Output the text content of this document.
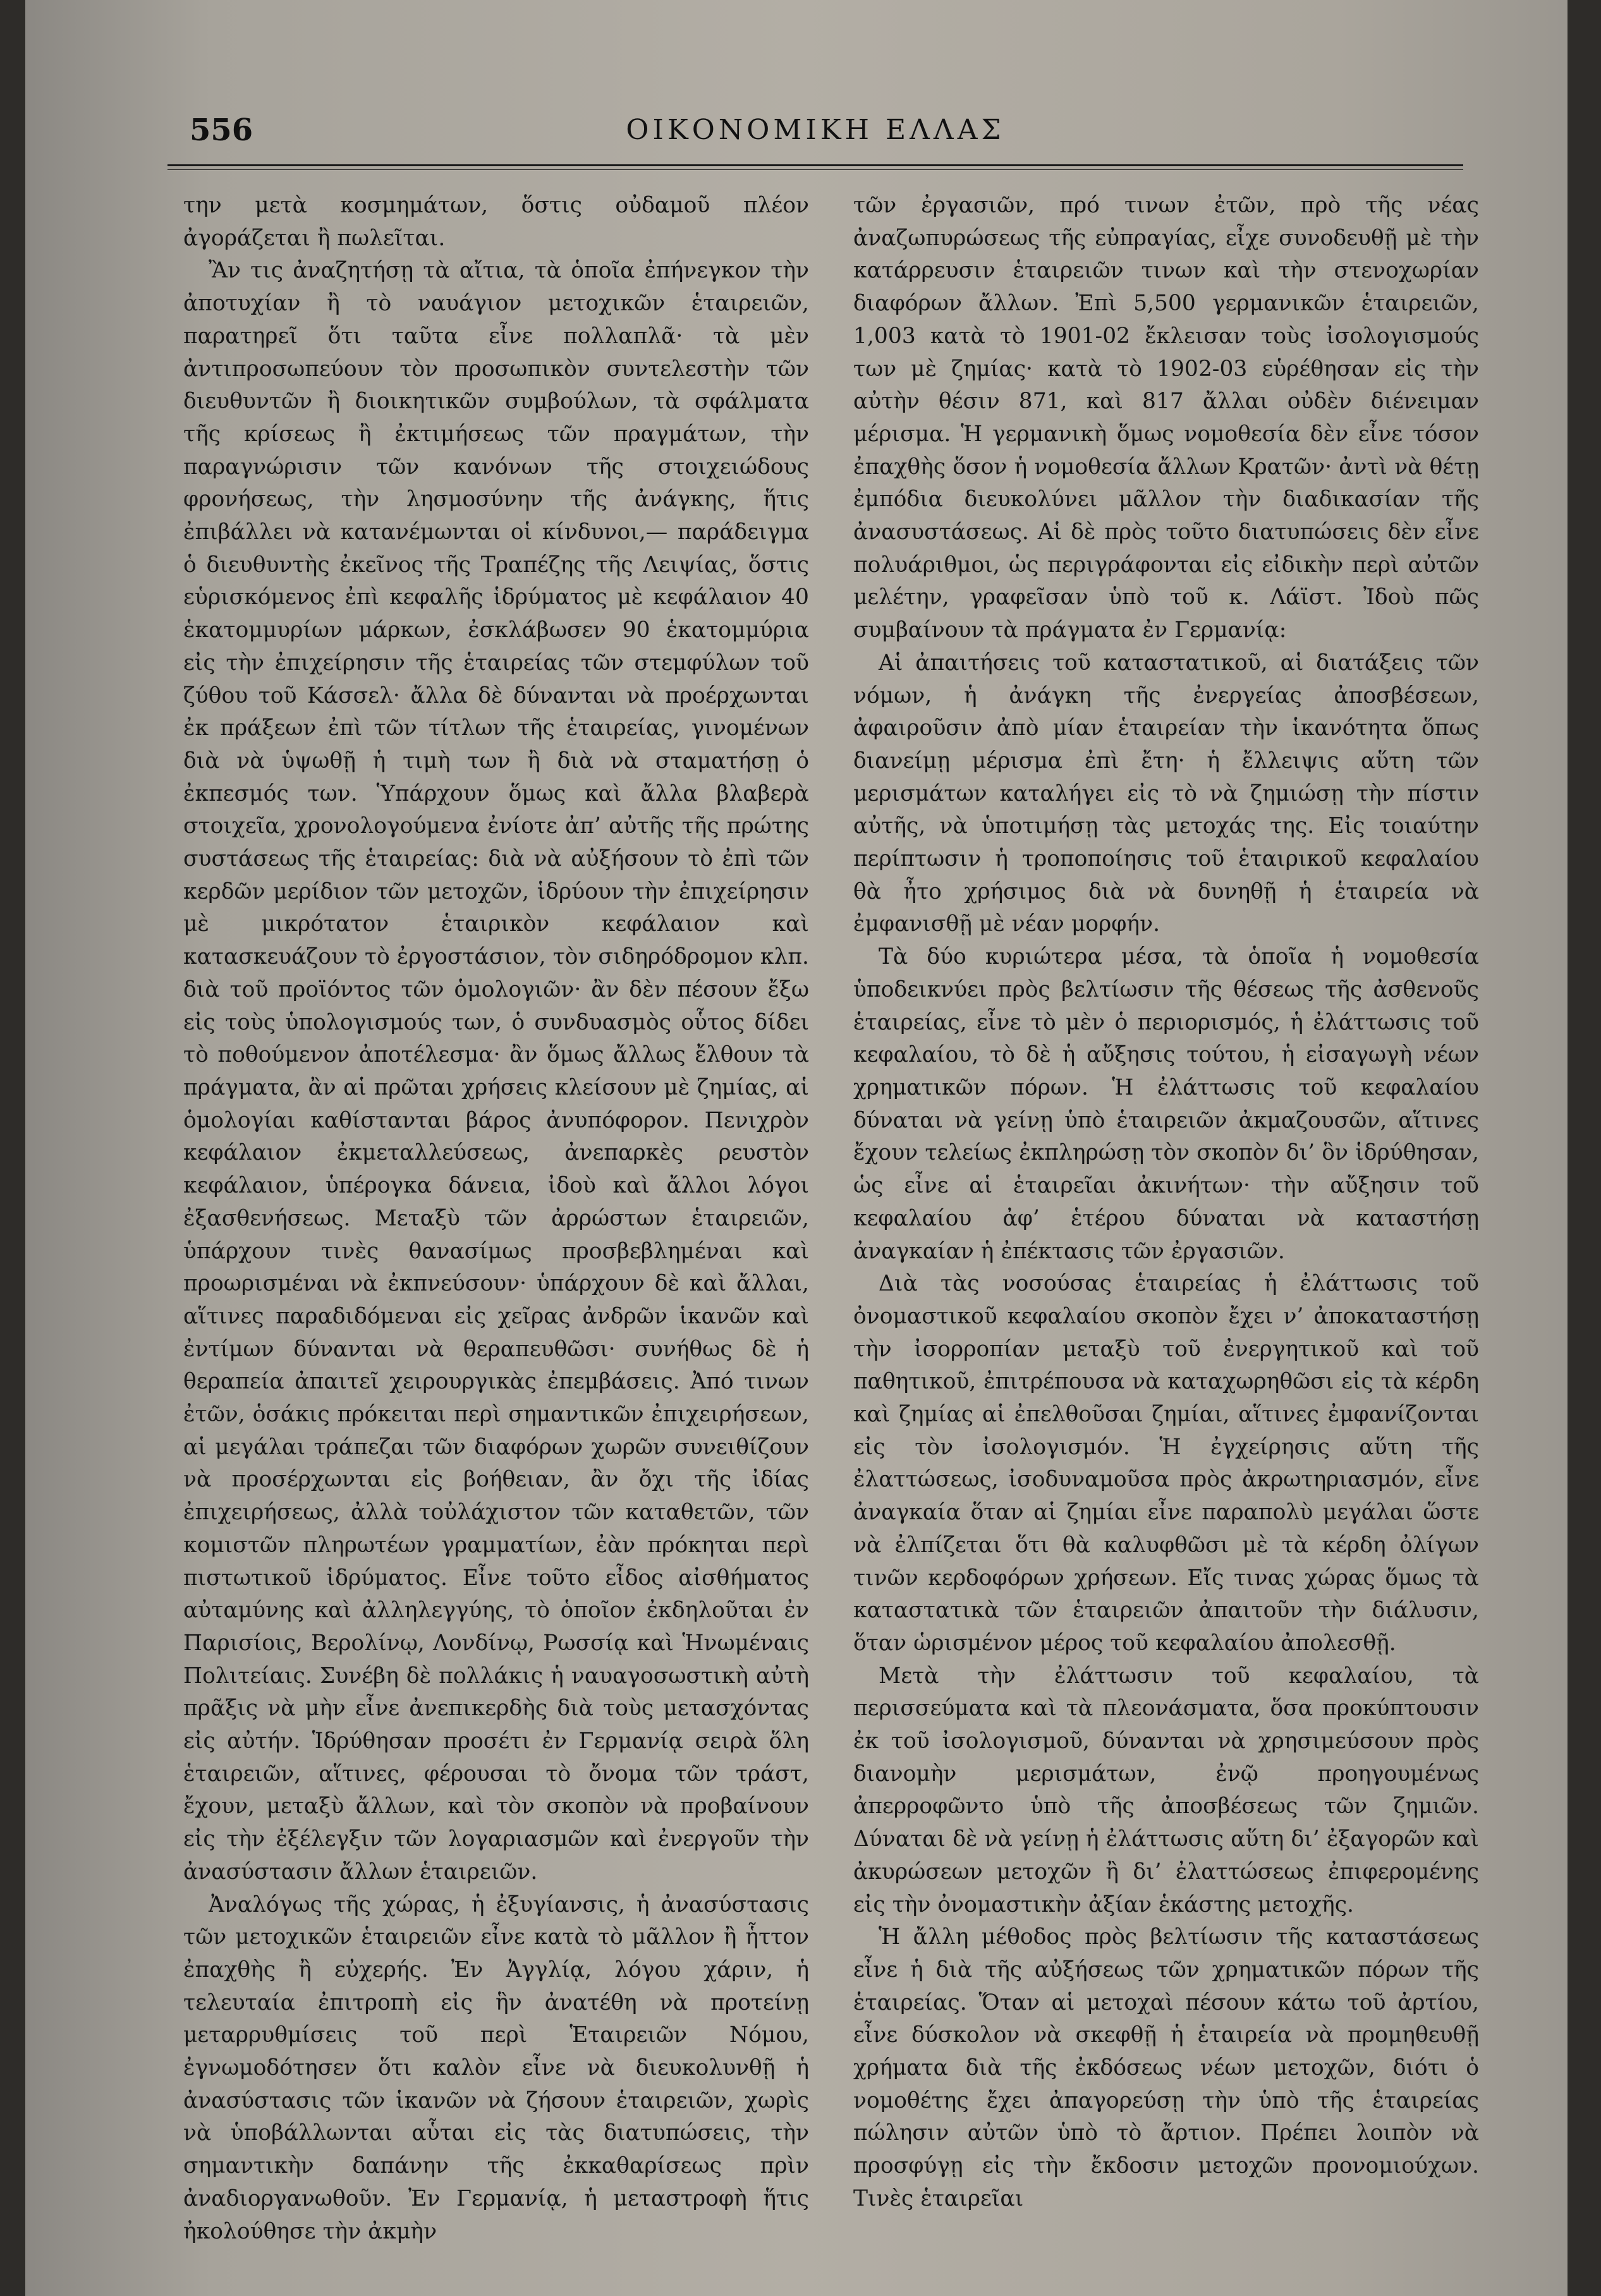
556	ΟΙΚΟΝΟΜΙΚΗ ΕΛΛΑΣ

την μετὰ κοσμημάτων, ὅστις οὐδαμοῦ πλέον ἀγοράζεται ἢ πωλεῖται.

Ἂν τις ἀναζητήσῃ τὰ αἴτια, τὰ ὁποῖα ἐπήνεγκον τὴν ἀποτυχίαν ἢ τὸ ναυάγιον μετοχικῶν ἑταιρειῶν, παρατηρεῖ ὅτι ταῦτα εἶνε πολλαπλᾶ· τὰ μὲν ἀντιπροσωπεύουν τὸν προσωπικὸν συντελεστὴν τῶν διευθυντῶν ἢ διοικητικῶν συμβούλων, τὰ σφάλματα τῆς κρίσεως ἢ ἐκτιμήσεως τῶν πραγμάτων, τὴν παραγνώρισιν τῶν κανόνων τῆς στοιχειώδους φρονήσεως, τὴν λησμοσύνην τῆς ἀνάγκης, ἥτις ἐπιβάλλει νὰ κατανέμωνται οἱ κίνδυνοι,— παράδειγμα ὁ διευθυντὴς ἐκεῖνος τῆς Τραπέζης τῆς Λειψίας, ὅστις εὑρισκόμενος ἐπὶ κεφαλῆς ἱδρύματος μὲ κεφάλαιον 40 ἑκατομμυρίων μάρκων, ἐσκλάβωσεν 90 ἑκατομμύρια εἰς τὴν ἐπιχείρησιν τῆς ἑταιρείας τῶν στεμφύλων τοῦ ζύθου τοῦ Κάσσελ· ἄλλα δὲ δύνανται νὰ προέρχωνται ἐκ πράξεων ἐπὶ τῶν τίτλων τῆς ἑταιρείας, γινομένων διὰ νὰ ὑψωθῇ ἡ τιμὴ των ἢ διὰ νὰ σταματήσῃ ὁ ἐκπεσμός των. Ὑπάρχουν ὅμως καὶ ἄλλα βλαβερὰ στοιχεῖα, χρονολογούμενα ἐνίοτε ἀπ’ αὐτῆς τῆς πρώτης συστάσεως τῆς ἑταιρείας: διὰ νὰ αὐξήσουν τὸ ἐπὶ τῶν κερδῶν μερίδιον τῶν μετοχῶν, ἱδρύουν τὴν ἐπιχείρησιν μὲ μικρότατον ἑταιρικὸν κεφάλαιον καὶ κατασκευάζουν τὸ ἐργοστάσιον, τὸν σιδηρόδρομον κλπ. διὰ τοῦ προϊόντος τῶν ὁμολογιῶν· ἂν δὲν πέσουν ἔξω εἰς τοὺς ὑπολογισμούς των, ὁ συνδυασμὸς οὗτος δίδει τὸ ποθούμενον ἀποτέλεσμα· ἂν ὅμως ἄλλως ἔλθουν τὰ πράγματα, ἂν αἱ πρῶται χρήσεις κλείσουν μὲ ζημίας, αἱ ὁμολογίαι καθίστανται βάρος ἀνυπόφορον. Πενιχρὸν κεφάλαιον ἐκμεταλλεύσεως, ἀνεπαρκὲς ρευστὸν κεφάλαιον, ὑπέρογκα δάνεια, ἰδοὺ καὶ ἄλλοι λόγοι ἐξασθενήσεως. Μεταξὺ τῶν ἀρρώστων ἑταιρειῶν, ὑπάρχουν τινὲς θανασίμως προσβεβλημέναι καὶ προωρισμέναι νὰ ἐκπνεύσουν· ὑπάρχουν δὲ καὶ ἄλλαι, αἵτινες παραδιδόμεναι εἰς χεῖρας ἀνδρῶν ἱκανῶν καὶ ἐντίμων δύνανται νὰ θεραπευθῶσι· συνήθως δὲ ἡ θεραπεία ἀπαιτεῖ χειρουργικὰς ἐπεμβάσεις. Ἀπό τινων ἐτῶν, ὁσάκις πρόκειται περὶ σημαντικῶν ἐπιχειρήσεων, αἱ μεγάλαι τράπεζαι τῶν διαφόρων χωρῶν συνειθίζουν νὰ προσέρχωνται εἰς βοήθειαν, ἂν ὄχι τῆς ἰδίας ἐπιχειρήσεως, ἀλλὰ τοὐλάχιστον τῶν καταθετῶν, τῶν κομιστῶν πληρωτέων γραμματίων, ἐὰν πρόκηται περὶ πιστωτικοῦ ἱδρύματος. Εἶνε τοῦτο εἶδος αἰσθήματος αὐταμύνης καὶ ἀλληλεγγύης, τὸ ὁποῖον ἐκδηλοῦται ἐν Παρισίοις, Βερολίνῳ, Λονδίνῳ, Ρωσσίᾳ καὶ Ἡνωμέναις Πολιτείαις. Συνέβη δὲ πολλάκις ἡ ναυαγοσωστικὴ αὐτὴ πρᾶξις νὰ μὴν εἶνε ἀνεπικερδὴς διὰ τοὺς μετασχόντας εἰς αὐτήν. Ἱδρύθησαν προσέτι ἐν Γερμανίᾳ σειρὰ ὅλη ἑταιρειῶν, αἵτινες, φέρουσαι τὸ ὄνομα τῶν τράστ, ἔχουν, μεταξὺ ἄλλων, καὶ τὸν σκοπὸν νὰ προβαίνουν εἰς τὴν ἐξέλεγξιν τῶν λογαριασμῶν καὶ ἐνεργοῦν τὴν ἀνασύστασιν ἄλλων ἑταιρειῶν.

Ἀναλόγως τῆς χώρας, ἡ ἐξυγίανσις, ἡ ἀνασύστασις τῶν μετοχικῶν ἑταιρειῶν εἶνε κατὰ τὸ μᾶλλον ἢ ἧττον ἐπαχθὴς ἢ εὐχερής. Ἐν Ἀγγλίᾳ, λόγου χάριν, ἡ τελευταία ἐπιτροπὴ εἰς ἣν ἀνατέθη νὰ προτείνῃ μεταρρυθμίσεις τοῦ περὶ Ἑταιρειῶν Νόμου, ἐγνωμοδότησεν ὅτι καλὸν εἶνε νὰ διευκολυνθῇ ἡ ἀνασύστασις τῶν ἱκανῶν νὰ ζήσουν ἑταιρειῶν, χωρὶς νὰ ὑποβάλλωνται αὗται εἰς τὰς διατυπώσεις, τὴν σημαντικὴν δαπάνην τῆς ἐκκαθαρίσεως πρὶν ἀναδιοργανωθοῦν. Ἐν Γερμανίᾳ, ἡ μεταστροφὴ ἥτις ἠκολούθησε τὴν ἀκμὴν

τῶν ἐργασιῶν, πρό τινων ἐτῶν, πρὸ τῆς νέας ἀναζωπυρώσεως τῆς εὐπραγίας, εἶχε συνοδευθῇ μὲ τὴν κατάρρευσιν ἑταιρειῶν τινων καὶ τὴν στενοχωρίαν διαφόρων ἄλλων. Ἐπὶ 5,500 γερμανικῶν ἑταιρειῶν, 1,003 κατὰ τὸ 1901-02 ἔκλεισαν τοὺς ἰσολογισμούς των μὲ ζημίας· κατὰ τὸ 1902-03 εὑρέθησαν εἰς τὴν αὐτὴν θέσιν 871, καὶ 817 ἄλλαι οὐδὲν διένειμαν μέρισμα. Ἡ γερμανικὴ ὅμως νομοθεσία δὲν εἶνε τόσον ἐπαχθὴς ὅσον ἡ νομοθεσία ἄλλων Κρατῶν· ἀντὶ νὰ θέτῃ ἐμπόδια διευκολύνει μᾶλλον τὴν διαδικασίαν τῆς ἀνασυστάσεως. Αἱ δὲ πρὸς τοῦτο διατυπώσεις δὲν εἶνε πολυάριθμοι, ὡς περιγράφονται εἰς εἰδικὴν περὶ αὐτῶν μελέτην, γραφεῖσαν ὑπὸ τοῦ κ. Λάϊστ. Ἰδοὺ πῶς συμβαίνουν τὰ πράγματα ἐν Γερμανίᾳ:

Αἱ ἀπαιτήσεις τοῦ καταστατικοῦ, αἱ διατάξεις τῶν νόμων, ἡ ἀνάγκη τῆς ἐνεργείας ἀποσβέσεων, ἀφαιροῦσιν ἀπὸ μίαν ἑταιρείαν τὴν ἱκανότητα ὅπως διανείμῃ μέρισμα ἐπὶ ἔτη· ἡ ἔλλειψις αὕτη τῶν μερισμάτων καταλήγει εἰς τὸ νὰ ζημιώσῃ τὴν πίστιν αὐτῆς, νὰ ὑποτιμήσῃ τὰς μετοχάς της. Εἰς τοιαύτην περίπτωσιν ἡ τροποποίησις τοῦ ἑταιρικοῦ κεφαλαίου θὰ ἦτο χρήσιμος διὰ νὰ δυνηθῇ ἡ ἑταιρεία νὰ ἐμφανισθῇ μὲ νέαν μορφήν.

Τὰ δύο κυριώτερα μέσα, τὰ ὁποῖα ἡ νομοθεσία ὑποδεικνύει πρὸς βελτίωσιν τῆς θέσεως τῆς ἀσθενοῦς ἑταιρείας, εἶνε τὸ μὲν ὁ περιορισμός, ἡ ἐλάττωσις τοῦ κεφαλαίου, τὸ δὲ ἡ αὔξησις τούτου, ἡ εἰσαγωγὴ νέων χρηματικῶν πόρων. Ἡ ἐλάττωσις τοῦ κεφαλαίου δύναται νὰ γείνῃ ὑπὸ ἑταιρειῶν ἀκμαζουσῶν, αἵτινες ἔχουν τελείως ἐκπληρώσῃ τὸν σκοπὸν δι’ ὃν ἱδρύθησαν, ὡς εἶνε αἱ ἑταιρεῖαι ἀκινήτων· τὴν αὔξησιν τοῦ κεφαλαίου ἀφ’ ἑτέρου δύναται νὰ καταστήσῃ ἀναγκαίαν ἡ ἐπέκτασις τῶν ἐργασιῶν.

Διὰ τὰς νοσούσας ἑταιρείας ἡ ἐλάττωσις τοῦ ὀνομαστικοῦ κεφαλαίου σκοπὸν ἔχει ν’ ἀποκαταστήσῃ τὴν ἰσορροπίαν μεταξὺ τοῦ ἐνεργητικοῦ καὶ τοῦ παθητικοῦ, ἐπιτρέπουσα νὰ καταχωρηθῶσι εἰς τὰ κέρδη καὶ ζημίας αἱ ἐπελθοῦσαι ζημίαι, αἵτινες ἐμφανίζονται εἰς τὸν ἰσολογισμόν. Ἡ ἐγχείρησις αὕτη τῆς ἐλαττώσεως, ἰσοδυναμοῦσα πρὸς ἀκρωτηριασμόν, εἶνε ἀναγκαία ὅταν αἱ ζημίαι εἶνε παραπολὺ μεγάλαι ὥστε νὰ ἐλπίζεται ὅτι θὰ καλυφθῶσι μὲ τὰ κέρδη ὀλίγων τινῶν κερδοφόρων χρήσεων. Εἴς τινας χώρας ὅμως τὰ καταστατικὰ τῶν ἑταιρειῶν ἀπαιτοῦν τὴν διάλυσιν, ὅταν ὡρισμένον μέρος τοῦ κεφαλαίου ἀπολεσθῇ.

Μετὰ τὴν ἐλάττωσιν τοῦ κεφαλαίου, τὰ περισσεύματα καὶ τὰ πλεονάσματα, ὅσα προκύπτουσιν ἐκ τοῦ ἰσολογισμοῦ, δύνανται νὰ χρησιμεύσουν πρὸς διανομὴν μερισμάτων, ἐνῷ προηγουμένως ἀπερροφῶντο ὑπὸ τῆς ἀποσβέσεως τῶν ζημιῶν. Δύναται δὲ νὰ γείνῃ ἡ ἐλάττωσις αὕτη δι’ ἐξαγορῶν καὶ ἀκυρώσεων μετοχῶν ἢ δι’ ἐλαττώσεως ἐπιφερομένης εἰς τὴν ὀνομαστικὴν ἀξίαν ἑκάστης μετοχῆς.

Ἡ ἄλλη μέθοδος πρὸς βελτίωσιν τῆς καταστάσεως εἶνε ἡ διὰ τῆς αὐξήσεως τῶν χρηματικῶν πόρων τῆς ἑταιρείας. Ὅταν αἱ μετοχαὶ πέσουν κάτω τοῦ ἀρτίου, εἶνε δύσκολον νὰ σκεφθῇ ἡ ἑταιρεία νὰ προμηθευθῇ χρήματα διὰ τῆς ἐκδόσεως νέων μετοχῶν, διότι ὁ νομοθέτης ἔχει ἀπαγορεύσῃ τὴν ὑπὸ τῆς ἑταιρείας πώλησιν αὐτῶν ὑπὸ τὸ ἄρτιον. Πρέπει λοιπὸν νὰ προσφύγῃ εἰς τὴν ἔκδοσιν μετοχῶν προνομιούχων. Τινὲς ἑταιρεῖαι
